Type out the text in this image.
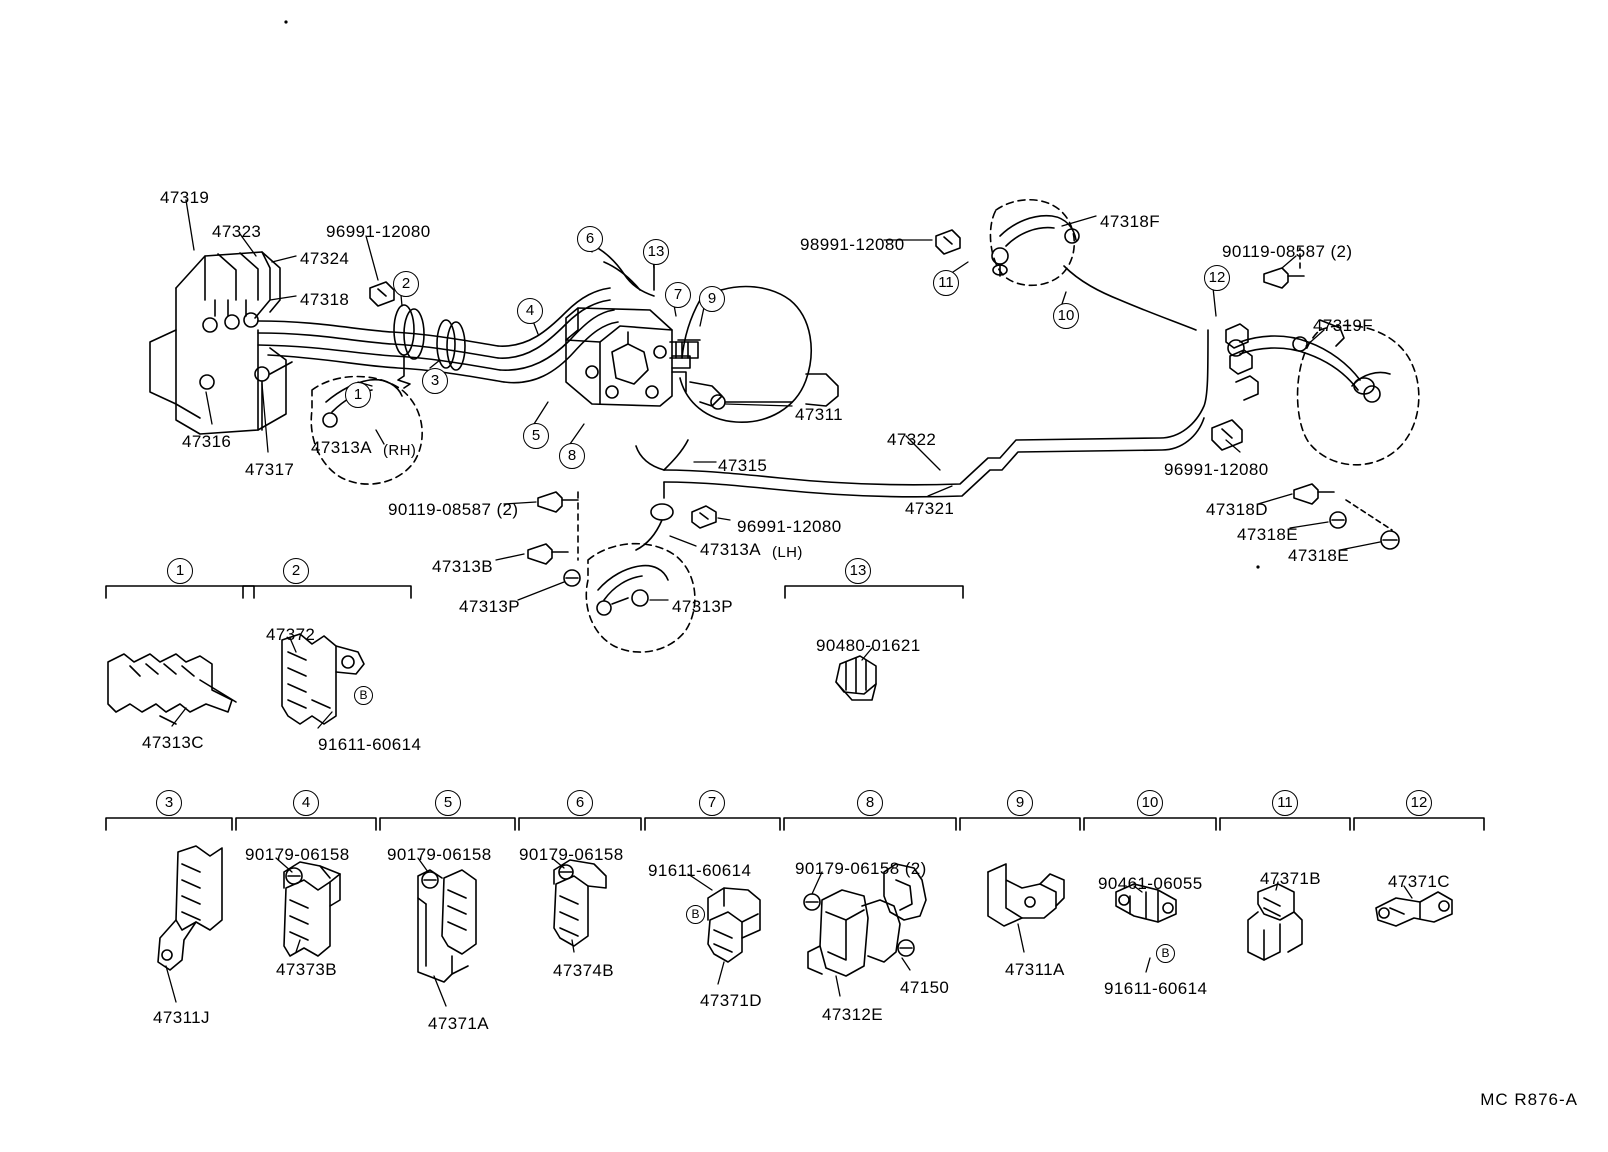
47319
47323
47324
96991-12080
47318
47316
47317
47313A (RH)
47311
47315
47322
47321
98991-12080
47318F
90119-08587 (2)
47319F
96991-12080
47318D
47318E
47318E
90119-08587 (2)
96991-12080
47313A (LH)
47313B
47313P	47313P
1
2
3
4
5
6
7
8
9
10
11	12
13
1	2	13
47313C
47372
91611-60614
B
90480-01621
3	4	5	6	7	8	9	10	11	12
47311J
90179-06158
47373B
90179-06158
47371A
90179-06158
47374B
91611-60614
B
47371D
90179-06158 (2)
47312E
47150
47311A
90461-06055
B
91611-60614
47371B	47371C
MC R876-A
